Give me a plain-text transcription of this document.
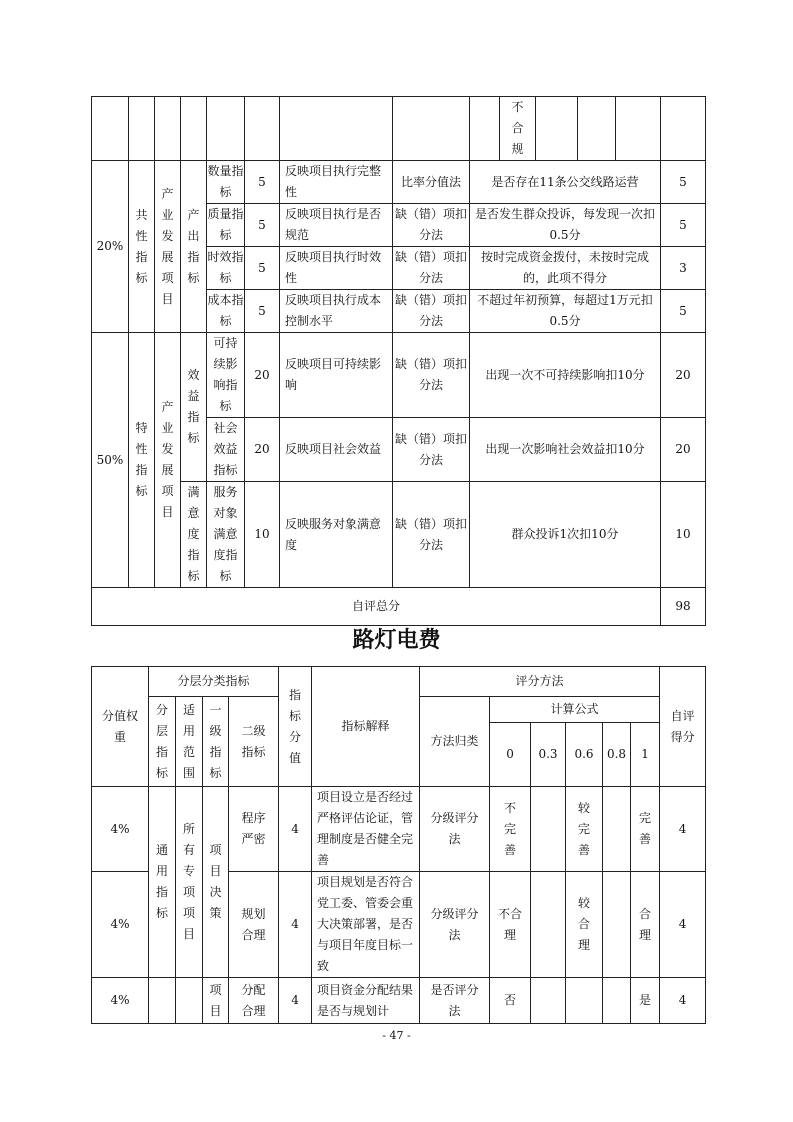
									不合规				
20%	共性指标	产业发展项目	产出指标	数量指标	5	反映项目执行完整性	比率分值法	是否存在11条公交线路运营					5
				质量指标	5	反映项目执行是否规范	缺（错）项扣分法	是否发生群众投诉，每发现一次扣0.5分					5
				时效指标	5	反映项目执行时效性	缺（错）项扣分法	按时完成资金拨付，未按时完成的，此项不得分					3
				成本指标	5	反映项目执行成本控制水平	缺（错）项扣分法	不超过年初预算，每超过1万元扣0.5分					5
50%	特性指标	产业发展项目	效益指标	可持续影响指标	20	反映项目可持续影响	缺（错）项扣分法	出现一次不可持续影响扣10分					20
				社会效益指标	20	反映项目社会效益	缺（错）项扣分法	出现一次影响社会效益扣10分					20
			满意度指标	服务对象满意度指标	10	反映服务对象满意度	缺（错）项扣分法	群众投诉1次扣10分					10
自评总分													98
路灯电费
分值权重	分层分类指标				指标分值	指标解释	评分方法						自评得分
	分层指标	适用范围	一级指标	二级指标			方法归类	计算公式					
								0	0.3	0.6	0.8	1	
4%	通用指标	所有专项项目	项目决策	程序严密	4	项目设立是否经过严格评估论证，管理制度是否健全完善	分级评分法	不完善		较完善		完善	4
4%				规划合理	4	项目规划是否符合党工委、管委会重大决策部署，是否与项目年度目标一致	分级评分法	不合理		较合理		合理	4
4%			项目	分配合理	4	项目资金分配结果是否与规划计	是否评分法	否				是	4
- 47 -
